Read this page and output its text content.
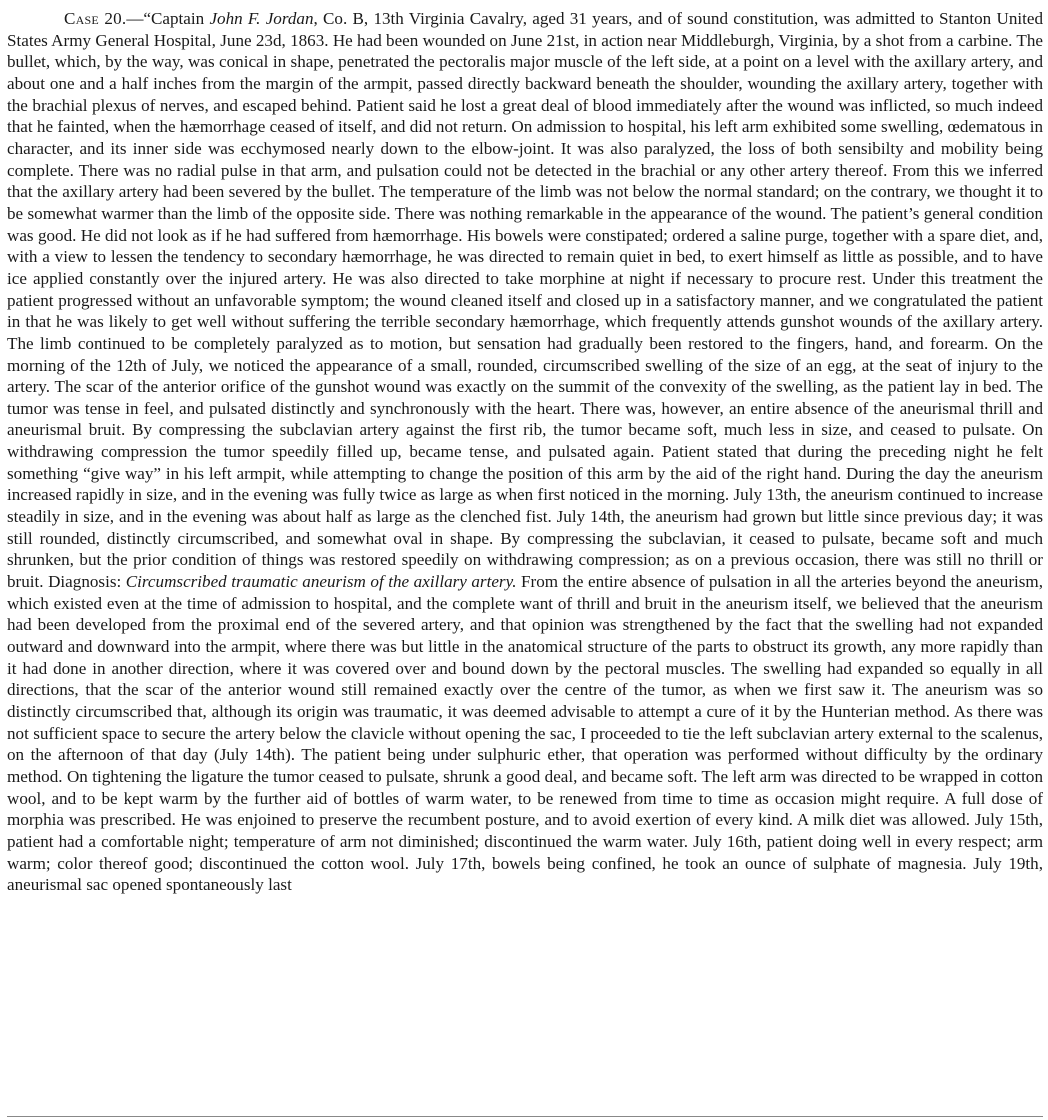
Case 20.—“Captain John F. Jordan, Co. B, 13th Virginia Cavalry, aged 31 years, and of sound constitution, was admitted to Stanton United States Army General Hospital, June 23d, 1863. He had been wounded on June 21st, in action near Middleburgh, Virginia, by a shot from a carbine. The bullet, which, by the way, was conical in shape, penetrated the pectoralis major muscle of the left side, at a point on a level with the axillary artery, and about one and a half inches from the margin of the armpit, passed directly backward beneath the shoulder, wounding the axillary artery, together with the brachial plexus of nerves, and escaped behind. Patient said he lost a great deal of blood immediately after the wound was inflicted, so much indeed that he fainted, when the hæmorrhage ceased of itself, and did not return. On admission to hospital, his left arm exhibited some swelling, œdematous in character, and its inner side was ecchymosed nearly down to the elbow-joint. It was also paralyzed, the loss of both sensibilty and mobility being complete. There was no radial pulse in that arm, and pulsation could not be detected in the brachial or any other artery thereof. From this we inferred that the axillary artery had been severed by the bullet. The temperature of the limb was not below the normal standard; on the contrary, we thought it to be somewhat warmer than the limb of the opposite side. There was nothing remarkable in the appearance of the wound. The patient’s general condition was good. He did not look as if he had suffered from hæmorrhage. His bowels were constipated; ordered a saline purge, together with a spare diet, and, with a view to lessen the tendency to secondary hæmorrhage, he was directed to remain quiet in bed, to exert himself as little as possible, and to have ice applied constantly over the injured artery. He was also directed to take morphine at night if necessary to procure rest. Under this treatment the patient progressed without an unfavorable symptom; the wound cleaned itself and closed up in a satisfactory manner, and we congratulated the patient in that he was likely to get well without suffering the terrible secondary hæmorrhage, which frequently attends gunshot wounds of the axillary artery. The limb continued to be completely paralyzed as to motion, but sensation had gradually been restored to the fingers, hand, and forearm. On the morning of the 12th of July, we noticed the appearance of a small, rounded, circumscribed swelling of the size of an egg, at the seat of injury to the artery. The scar of the anterior orifice of the gunshot wound was exactly on the summit of the convexity of the swelling, as the patient lay in bed. The tumor was tense in feel, and pulsated distinctly and synchronously with the heart. There was, however, an entire absence of the aneurismal thrill and aneurismal bruit. By compressing the subclavian artery against the first rib, the tumor became soft, much less in size, and ceased to pulsate. On withdrawing compression the tumor speedily filled up, became tense, and pulsated again. Patient stated that during the preceding night he felt something “give way” in his left armpit, while attempting to change the position of this arm by the aid of the right hand. During the day the aneurism increased rapidly in size, and in the evening was fully twice as large as when first noticed in the morning. July 13th, the aneurism continued to increase steadily in size, and in the evening was about half as large as the clenched fist. July 14th, the aneurism had grown but little since previous day; it was still rounded, distinctly circumscribed, and somewhat oval in shape. By compressing the subclavian, it ceased to pulsate, became soft and much shrunken, but the prior condition of things was restored speedily on withdrawing compression; as on a previous occasion, there was still no thrill or bruit. Diagnosis: Circumscribed traumatic aneurism of the axillary artery. From the entire absence of pulsation in all the arteries beyond the aneurism, which existed even at the time of admission to hospital, and the complete want of thrill and bruit in the aneurism itself, we believed that the aneurism had been developed from the proximal end of the severed artery, and that opinion was strengthened by the fact that the swelling had not expanded outward and downward into the armpit, where there was but little in the anatomical structure of the parts to obstruct its growth, any more rapidly than it had done in another direction, where it was covered over and bound down by the pectoral muscles. The swelling had expanded so equally in all directions, that the scar of the anterior wound still remained exactly over the centre of the tumor, as when we first saw it. The aneurism was so distinctly circumscribed that, although its origin was traumatic, it was deemed advisable to attempt a cure of it by the Hunterian method. As there was not sufficient space to secure the artery below the clavicle without opening the sac, I proceeded to tie the left subclavian artery external to the scalenus, on the afternoon of that day (July 14th). The patient being under sulphuric ether, that operation was performed without difficulty by the ordinary method. On tightening the ligature the tumor ceased to pulsate, shrunk a good deal, and became soft. The left arm was directed to be wrapped in cotton wool, and to be kept warm by the further aid of bottles of warm water, to be renewed from time to time as occasion might require. A full dose of morphia was prescribed. He was enjoined to preserve the recumbent posture, and to avoid exertion of every kind. A milk diet was allowed. July 15th, patient had a comfortable night; temperature of arm not diminished; discontinued the warm water. July 16th, patient doing well in every respect; arm warm; color thereof good; discontinued the cotton wool. July 17th, bowels being confined, he took an ounce of sulphate of magnesia. July 19th, aneurismal sac opened spontaneously last
